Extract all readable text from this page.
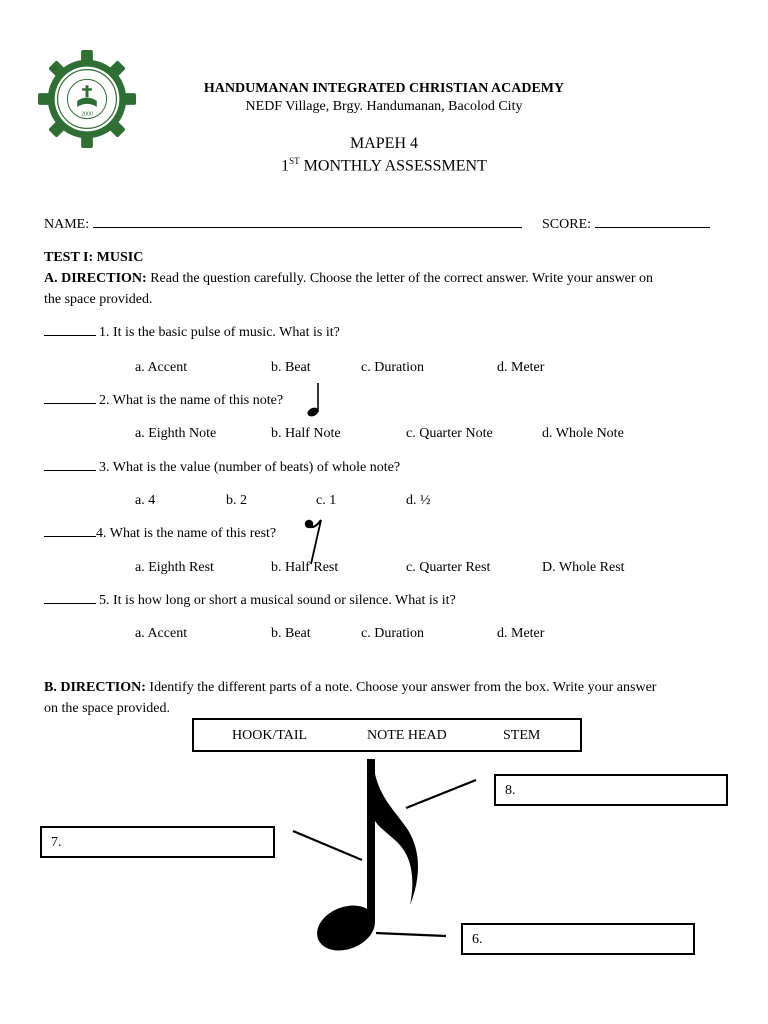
2000
HANDUMANAN INTEGRATED CHRISTIAN ACADEMY
NEDF Village, Brgy. Handumanan, Bacolod City
MAPEH 4
1ST MONTHLY ASSESSMENT
NAME:	SCORE:
TEST I: MUSIC
A. DIRECTION: Read the question carefully. Choose the letter of the correct answer. Write your answer on
the space provided.
1. It is the basic pulse of music. What is it?
a. Accent	b. Beat	c. Duration	d. Meter
2. What is the name of this note?
a. Eighth Note	b. Half Note	c. Quarter Note	d. Whole Note
3. What is the value (number of beats) of whole note?
a. 4	b. 2	c. 1	d. ½
4. What is the name of this rest?
a. Eighth Rest	b. Half Rest	c. Quarter Rest	D. Whole Rest
5. It is how long or short a musical sound or silence. What is it?
a. Accent	b. Beat	c. Duration	d. Meter
B. DIRECTION: Identify the different parts of a note. Choose your answer from the box. Write your answer
on the space provided.
HOOK/TAIL	NOTE HEAD	STEM
8.
7.
6.
